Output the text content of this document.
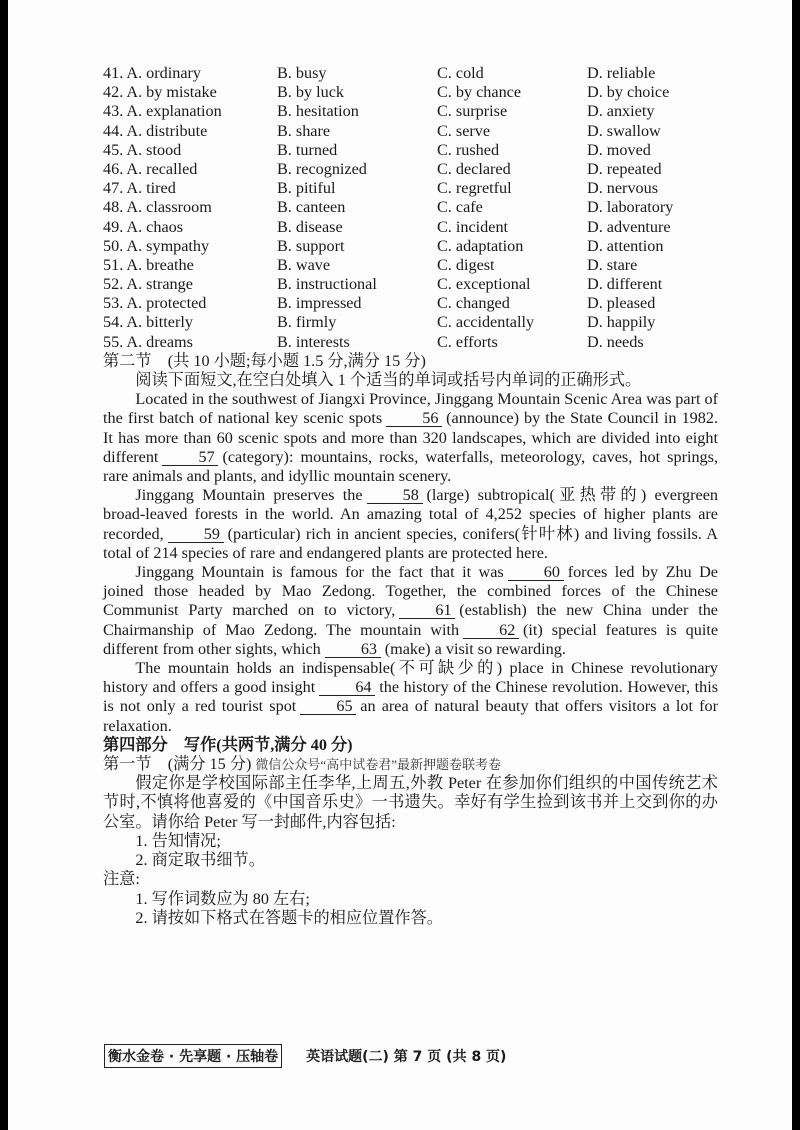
41. A. ordinary	B. busy	C. cold	D. reliable
42. A. by mistake	B. by luck	C. by chance	D. by choice
43. A. explanation	B. hesitation	C. surprise	D. anxiety
44. A. distribute	B. share	C. serve	D. swallow
45. A. stood	B. turned	C. rushed	D. moved
46. A. recalled	B. recognized	C. declared	D. repeated
47. A. tired	B. pitiful	C. regretful	D. nervous
48. A. classroom	B. canteen	C. cafe	D. laboratory
49. A. chaos	B. disease	C. incident	D. adventure
50. A. sympathy	B. support	C. adaptation	D. attention
51. A. breathe	B. wave	C. digest	D. stare
52. A. strange	B. instructional	C. exceptional	D. different
53. A. protected	B. impressed	C. changed	D. pleased
54. A. bitterly	B. firmly	C. accidentally	D. happily
55. A. dreams	B. interests	C. efforts	D. needs
第二节　(共 10 小题;每小题 1.5 分,满分 15 分)

阅读下面短文,在空白处填入 1 个适当的单词或括号内单词的正确形式。

Located in the southwest of Jiangxi Province, Jinggang Mountain Scenic Area was part of the first batch of national key scenic spots 56 (announce) by the State Council in 1982. It has more than 60 scenic spots and more than 320 landscapes, which are divided into eight different 57 (category): mountains, rocks, waterfalls, meteorology, caves, hot springs, rare animals and plants, and idyllic mountain scenery.

Jinggang Mountain preserves the 58 (large) subtropical(亚热带的) evergreen broad-leaved forests in the world. An amazing total of 4,252 species of higher plants are recorded, 59 (particular) rich in ancient species, conifers(针叶林) and living fossils. A total of 214 species of rare and endangered plants are protected here.

Jinggang Mountain is famous for the fact that it was 60 forces led by Zhu De joined those headed by Mao Zedong. Together, the combined forces of the Chinese Communist Party marched on to victory, 61 (establish) the new China under the Chairmanship of Mao Zedong. The mountain with 62 (it) special features is quite different from other sights, which 63 (make) a visit so rewarding.

The mountain holds an indispensable(不可缺少的) place in Chinese revolutionary history and offers a good insight 64 the history of the Chinese revolution. However, this is not only a red tourist spot 65 an area of natural beauty that offers visitors a lot for relaxation.

第四部分　写作(共两节,满分 40 分)
第一节　(满分 15 分) 微信公众号“高中试卷君”最新押题卷联考卷

假定你是学校国际部主任李华,上周五,外教 Peter 在参加你们组织的中国传统艺术节时,不慎将他喜爱的《中国音乐史》一书遗失。幸好有学生捡到该书并上交到你的办公室。请你给 Peter 写一封邮件,内容包括:

1. 告知情况;
2. 商定取书细节。
注意:
1. 写作词数应为 80 左右;
2. 请按如下格式在答题卡的相应位置作答。
衡水金卷 · 先享题 · 压轴卷 英语试题(二) 第 7 页 (共 8 页)
